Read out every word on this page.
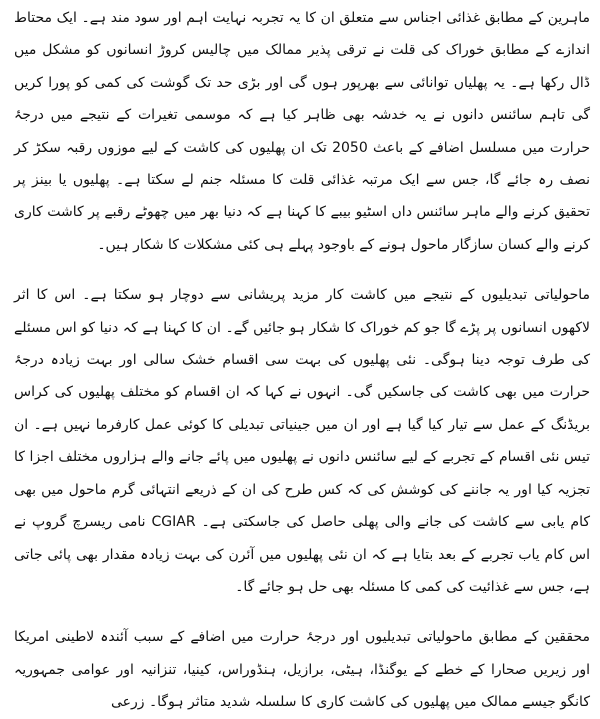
ماہرین کے مطابق غذائی اجناس سے متعلق ان کا یہ تجربہ نہایت اہم اور سود مند ہے۔ ایک محتاط اندازے کے مطابق خوراک کی قلت نے ترقی پذیر ممالک میں چالیس کروڑ انسانوں کو مشکل میں ڈال رکھا ہے۔ یہ پھلیاں توانائی سے بھرپور ہوں گی اور بڑی حد تک گوشت کی کمی کو پورا کریں گی تاہم سائنس دانوں نے یہ خدشہ بھی ظاہر کیا ہے کہ موسمی تغیرات کے نتیجے میں درجۂ حرارت میں مسلسل اضافے کے باعث 2050 تک ان پھلیوں کی کاشت کے لیے موزوں رقبہ سکڑ کر نصف رہ جائے گا، جس سے ایک مرتبہ غذائی قلت کا مسئلہ جنم لے سکتا ہے۔ پھلیوں یا بینز پر تحقیق کرنے والے ماہر سائنس داں اسٹیو بیبے کا کہنا ہے کہ دنیا بھر میں چھوٹے رقبے پر کاشت کاری کرنے والے کسان سازگار ماحول ہونے کے باوجود پہلے ہی کئی مشکلات کا شکار ہیں۔

ماحولیاتی تبدیلیوں کے نتیجے میں کاشت کار مزید پریشانی سے دوچار ہو سکتا ہے۔ اس کا اثر لاکھوں انسانوں پر پڑے گا جو کم خوراک کا شکار ہو جائیں گے۔ ان کا کہنا ہے کہ دنیا کو اس مسئلے کی طرف توجہ دینا ہوگی۔ نئی پھلیوں کی بہت سی اقسام خشک سالی اور بہت زیادہ درجۂ حرارت میں بھی کاشت کی جاسکیں گی۔ انہوں نے کہا کہ ان اقسام کو مختلف پھلیوں کی کراس بریڈنگ کے عمل سے تیار کیا گیا ہے اور ان میں جینیاتی تبدیلی کا کوئی عمل کارفرما نہیں ہے۔ ان تیس نئی اقسام کے تجربے کے لیے سائنس دانوں نے پھلیوں میں پائے جانے والے ہزاروں مختلف اجزا کا تجزیہ کیا اور یہ جاننے کی کوشش کی کہ کس طرح کی ان کے ذریعے انتہائی گرم ماحول میں بھی کام یابی سے کاشت کی جانے والی پھلی حاصل کی جاسکتی ہے۔ CGIAR نامی ریسرچ گروپ نے اس کام یاب تجربے کے بعد بتایا ہے کہ ان نئی پھلیوں میں آئرن کی بہت زیادہ مقدار بھی پائی جاتی ہے، جس سے غذائیت کی کمی کا مسئلہ بھی حل ہو جائے گا۔

محققین کے مطابق ماحولیاتی تبدیلیوں اور درجۂ حرارت میں اضافے کے سبب آئندہ لاطینی امریکا اور زیریں صحارا کے خطے کے یوگنڈا، ہیٹی، برازیل، ہنڈوراس، کینیا، تنزانیہ اور عوامی جمہوریہ کانگو جیسے ممالک میں پھلیوں کی کاشت کاری کا سلسلہ شدید متاثر ہوگا۔ زرعی
